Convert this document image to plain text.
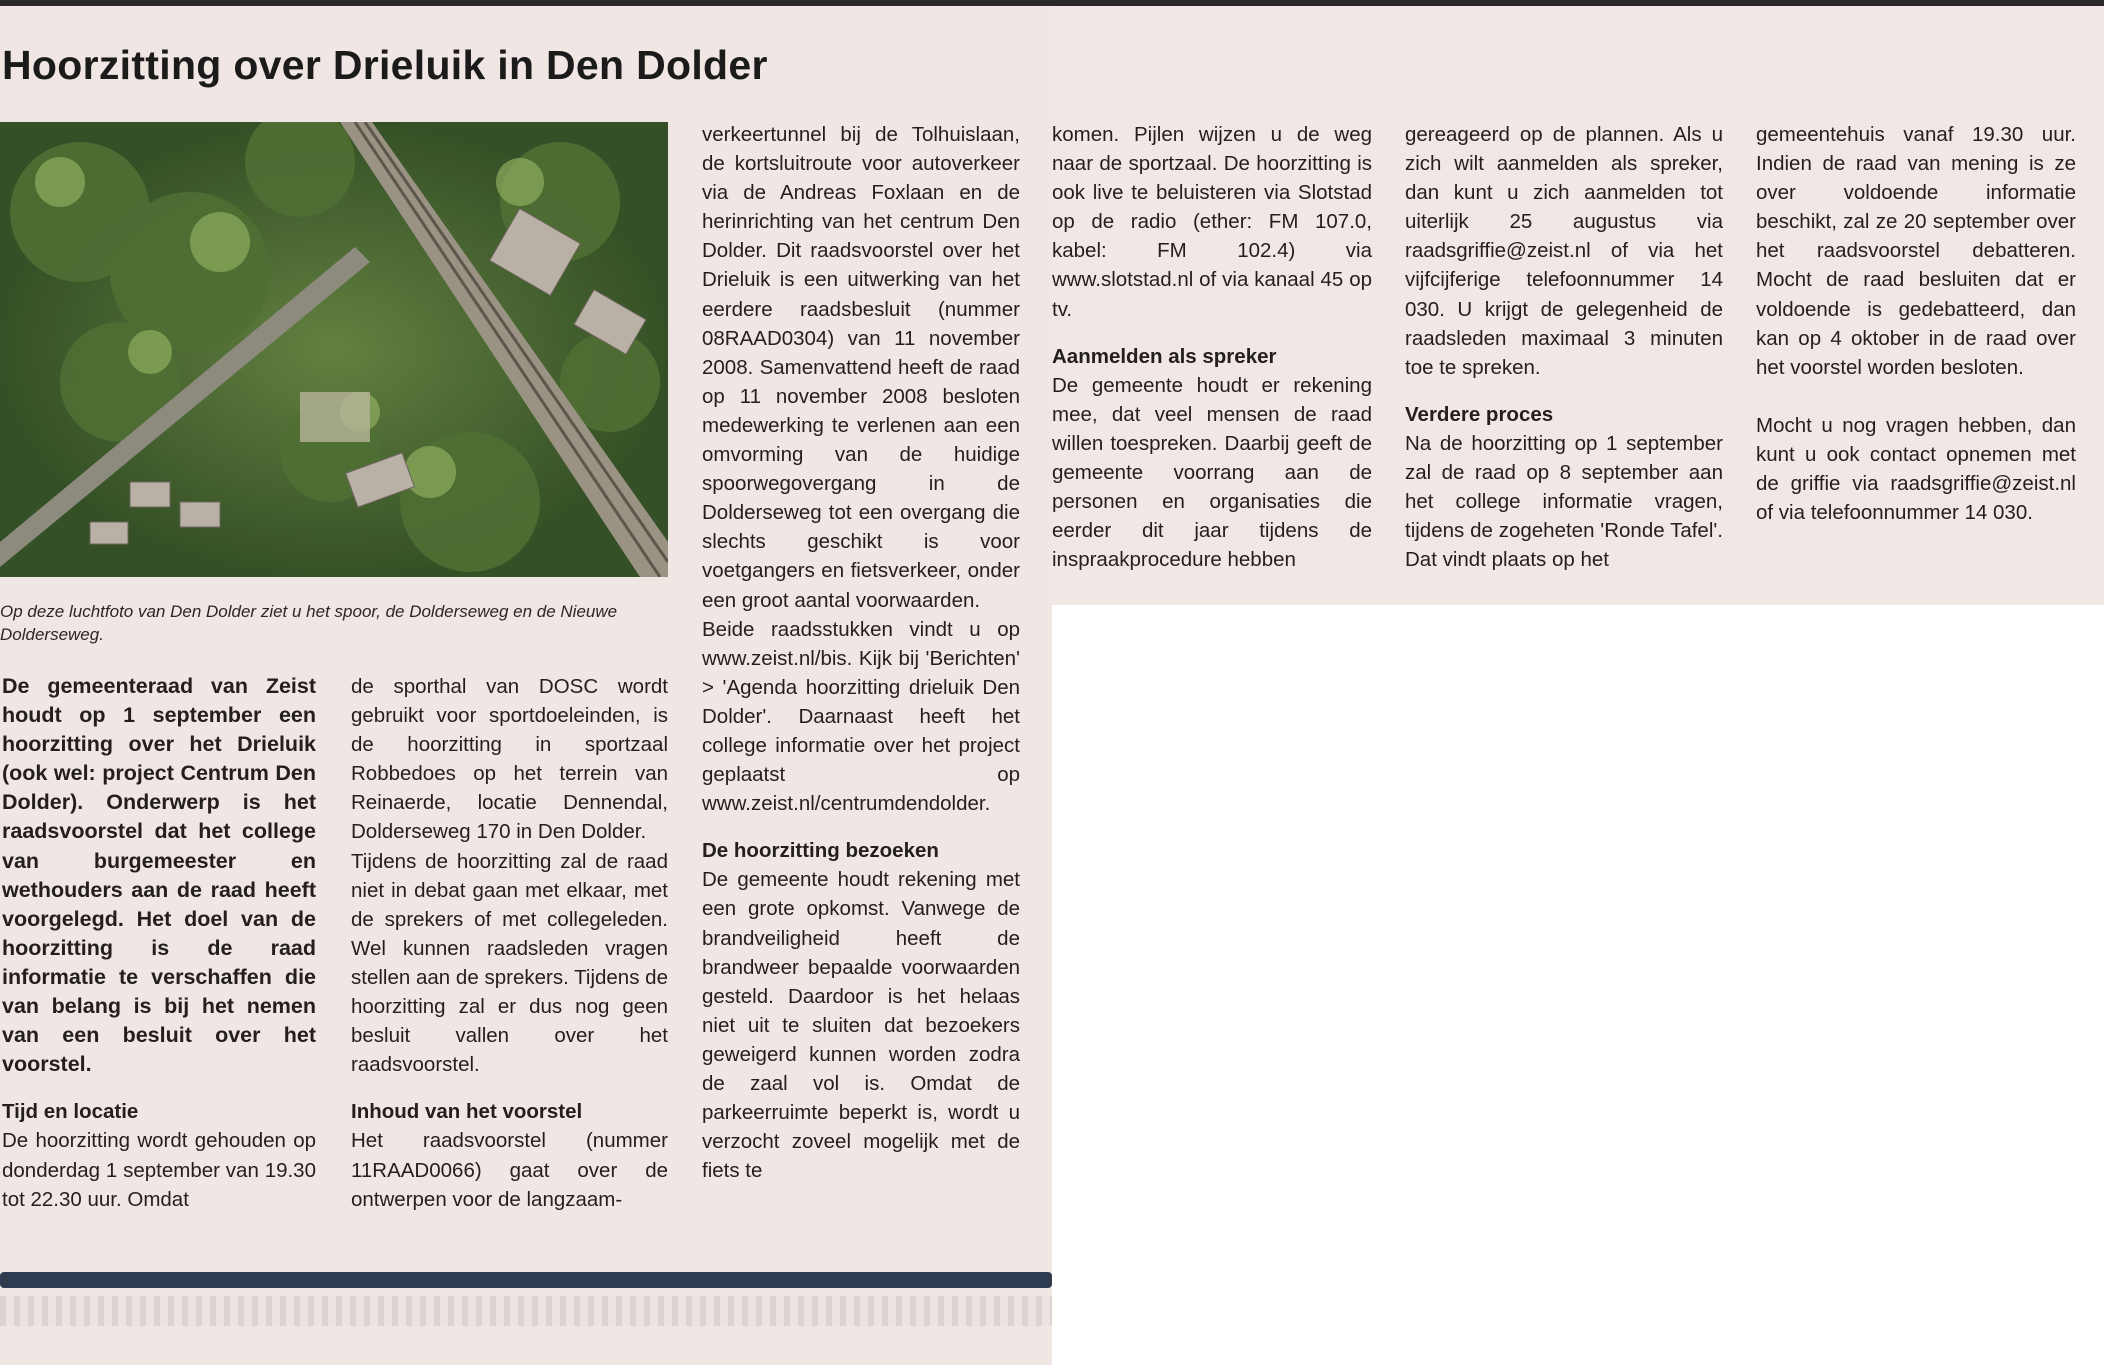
Hoorzitting over Drieluik in Den Dolder
Op deze luchtfoto van Den Dolder ziet u het spoor, de Dolderseweg en de Nieuwe Dolderseweg.

De gemeenteraad van Zeist houdt op 1 september een hoorzitting over het Drieluik (ook wel: project Centrum Den Dolder). Onderwerp is het raadsvoorstel dat het college van burgemeester en wethouders aan de raad heeft voorgelegd. Het doel van de hoorzitting is de raad informatie te verschaffen die van belang is bij het nemen van een besluit over het voorstel.

Tijd en locatie

De hoorzitting wordt gehouden op donderdag 1 september van 19.30 tot 22.30 uur. Omdat

de sporthal van DOSC wordt gebruikt voor sportdoeleinden, is de hoorzitting in sportzaal Robbedoes op het terrein van Reinaerde, locatie Dennendal, Dolderseweg 170 in Den Dolder.

Tijdens de hoorzitting zal de raad niet in debat gaan met elkaar, met de sprekers of met collegeleden. Wel kunnen raadsleden vragen stellen aan de sprekers. Tijdens de hoorzitting zal er dus nog geen besluit vallen over het raadsvoorstel.

Inhoud van het voorstel

Het raadsvoorstel (nummer 11RAAD0066) gaat over de ontwerpen voor de langzaam-

verkeertunnel bij de Tolhuislaan, de kortsluitroute voor autoverkeer via de Andreas Foxlaan en de herinrichting van het centrum Den Dolder. Dit raadsvoorstel over het Drieluik is een uitwerking van het eerdere raadsbesluit (nummer 08RAAD0304) van 11 november 2008. Samenvattend heeft de raad op 11 november 2008 besloten medewerking te verlenen aan een omvorming van de huidige spoorwegovergang in de Dolderseweg tot een overgang die slechts geschikt is voor voetgangers en fietsverkeer, onder een groot aantal voorwaarden.

Beide raadsstukken vindt u op www.zeist.nl/bis. Kijk bij 'Berichten' > 'Agenda hoorzitting drieluik Den Dolder'. Daarnaast heeft het college informatie over het project geplaatst op www.zeist.nl/centrumdendolder.

De hoorzitting bezoeken

De gemeente houdt rekening met een grote opkomst. Vanwege de brandveiligheid heeft de brandweer bepaalde voorwaarden gesteld. Daardoor is het helaas niet uit te sluiten dat bezoekers geweigerd kunnen worden zodra de zaal vol is. Omdat de parkeerruimte beperkt is, wordt u verzocht zoveel mogelijk met de fiets te

komen. Pijlen wijzen u de weg naar de sportzaal. De hoorzitting is ook live te beluisteren via Slotstad op de radio (ether: FM 107.0, kabel: FM 102.4) via www.slotstad.nl of via kanaal 45 op tv.

Aanmelden als spreker

De gemeente houdt er rekening mee, dat veel mensen de raad willen toespreken. Daarbij geeft de gemeente voorrang aan de personen en organisaties die eerder dit jaar tijdens de inspraakprocedure hebben

gereageerd op de plannen. Als u zich wilt aanmelden als spreker, dan kunt u zich aanmelden tot uiterlijk 25 augustus via raadsgriffie@zeist.nl of via het vijfcijferige telefoonnummer 14 030. U krijgt de gelegenheid de raadsleden maximaal 3 minuten toe te spreken.

Verdere proces

Na de hoorzitting op 1 september zal de raad op 8 september aan het college informatie vragen, tijdens de zogeheten 'Ronde Tafel'. Dat vindt plaats op het

gemeentehuis vanaf 19.30 uur. Indien de raad van mening is ze over voldoende informatie beschikt, zal ze 20 september over het raadsvoorstel debatteren. Mocht de raad besluiten dat er voldoende is gedebatteerd, dan kan op 4 oktober in de raad over het voorstel worden besloten.

Mocht u nog vragen hebben, dan kunt u ook contact opnemen met de griffie via raadsgriffie@zeist.nl of via telefoonnummer 14 030.
